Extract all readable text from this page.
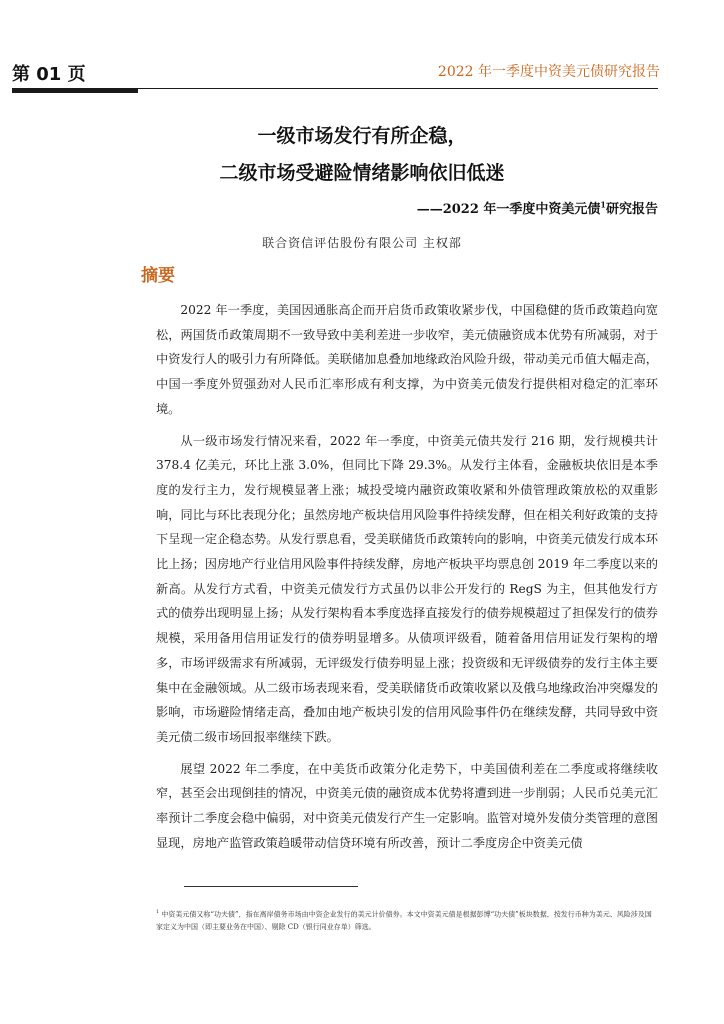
第 01 页	2022 年一季度中资美元债研究报告
一级市场发行有所企稳，
二级市场受避险情绪影响依旧低迷
——2022 年一季度中资美元债$^1$研究报告
联合资信评估股份有限公司 主权部
摘要

2022 年一季度，美国因通胀高企而开启货币政策收紧步伐，中国稳健的货币政策趋向宽松，两国货币政策周期不一致导致中美利差进一步收窄，美元债融资成本优势有所减弱，对于中资发行人的吸引力有所降低。美联储加息叠加地缘政治风险升级，带动美元币值大幅走高，中国一季度外贸强劲对人民币汇率形成有利支撑，为中资美元债发行提供相对稳定的汇率环境。

从一级市场发行情况来看，2022 年一季度，中资美元债共发行 216 期，发行规模共计 378.4 亿美元，环比上涨 3.0%，但同比下降 29.3%。从发行主体看，金融板块依旧是本季度的发行主力，发行规模显著上涨；城投受境内融资政策收紧和外债管理政策放松的双重影响，同比与环比表现分化；虽然房地产板块信用风险事件持续发酵，但在相关利好政策的支持下呈现一定企稳态势。从发行票息看，受美联储货币政策转向的影响，中资美元债发行成本环比上扬；因房地产行业信用风险事件持续发酵，房地产板块平均票息创 2019 年二季度以来的新高。从发行方式看，中资美元债发行方式虽仍以非公开发行的 RegS 为主，但其他发行方式的债券出现明显上扬；从发行架构看本季度选择直接发行的债券规模超过了担保发行的债券规模，采用备用信用证发行的债券明显增多。从债项评级看，随着备用信用证发行架构的增多，市场评级需求有所减弱，无评级发行债券明显上涨；投资级和无评级债券的发行主体主要集中在金融领域。从二级市场表现来看，受美联储货币政策收紧以及俄乌地缘政治冲突爆发的影响，市场避险情绪走高，叠加由地产板块引发的信用风险事件仍在继续发酵，共同导致中资美元债二级市场回报率继续下跌。

展望 2022 年二季度，在中美货币政策分化走势下，中美国债利差在二季度或将继续收窄，甚至会出现倒挂的情况，中资美元债的融资成本优势将遭到进一步削弱；人民币兑美元汇率预计二季度会稳中偏弱，对中资美元债发行产生一定影响。监管对境外发债分类管理的意图显现，房地产监管政策趋暖带动信贷环境有所改善，预计二季度房企中资美元债

$^1$ 中资美元债又称“功夫债”，指在离岸债务市场由中资企业发行的美元计价债券。本文中资美元债是根据彭博“功夫债”板块数据，按发行币种为美元、风险涉及国家定义为中国（即主要业务在中国）、剔除 CD（银行同业存单）筛选。
